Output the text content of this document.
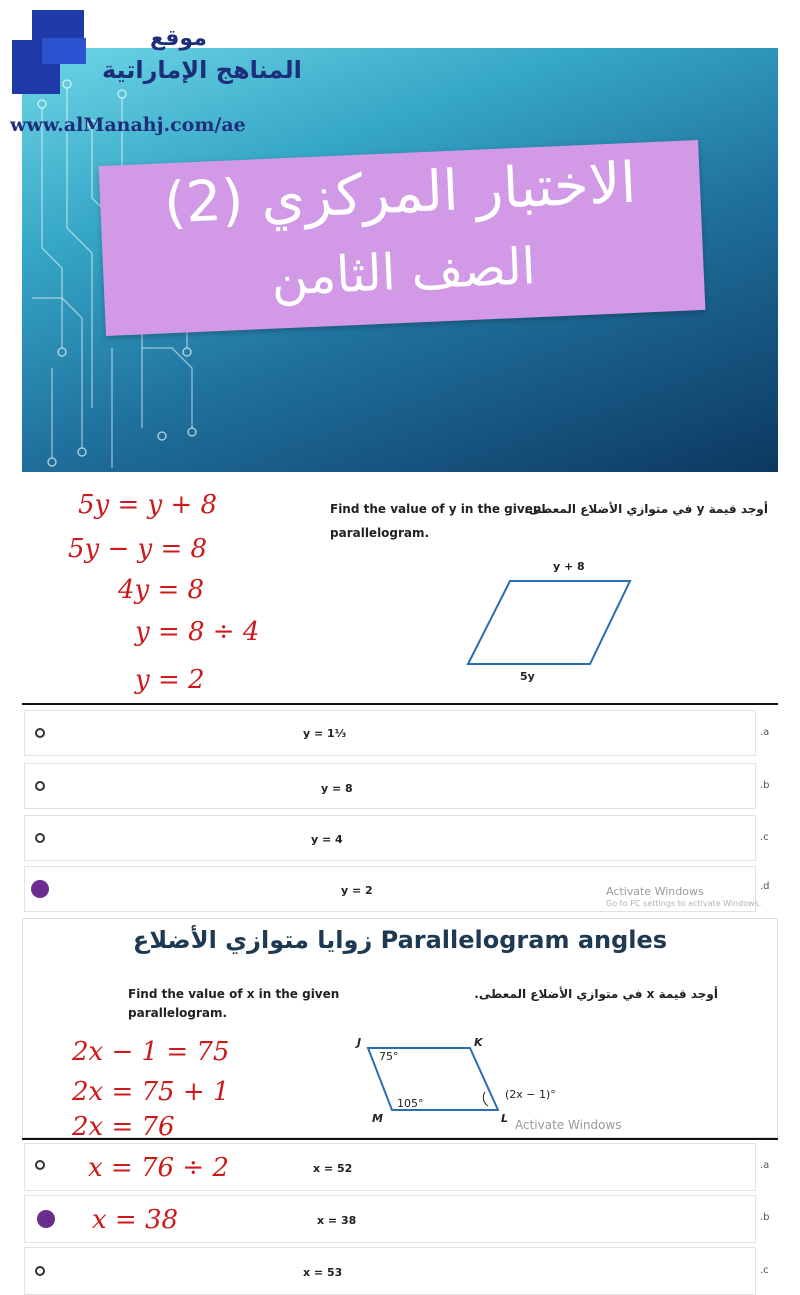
الاختبار المركزي (2)
الصف الثامن
موقع
المناهج الإماراتية
www.alManahj.com/ae
5y = y + 8
5y − y = 8
4y = 8
y = 8 ÷ 4
y = 2
Find the value of y in the given
parallelogram.
أوجد قيمة y في متوازي الأضلاع المعطى.
y + 8
5y
y = 1⅓	.a
y = 8	.b
y = 4	.c
y = 2	.d
Activate Windows
Go to PC settings to activate Windows.
زوايا متوازي الأضلاع Parallelogram angles
Find the value of x in the given
parallelogram.
أوجد قيمة x في متوازي الأضلاع المعطى.
J	K
M	L
75°
105°
(2x − 1)°
Activate Windows
x = 52	.a
x = 38	.b
x = 53	.c
2x − 1 = 75
2x = 75 + 1
2x = 76
x = 76 ÷ 2
x = 38
